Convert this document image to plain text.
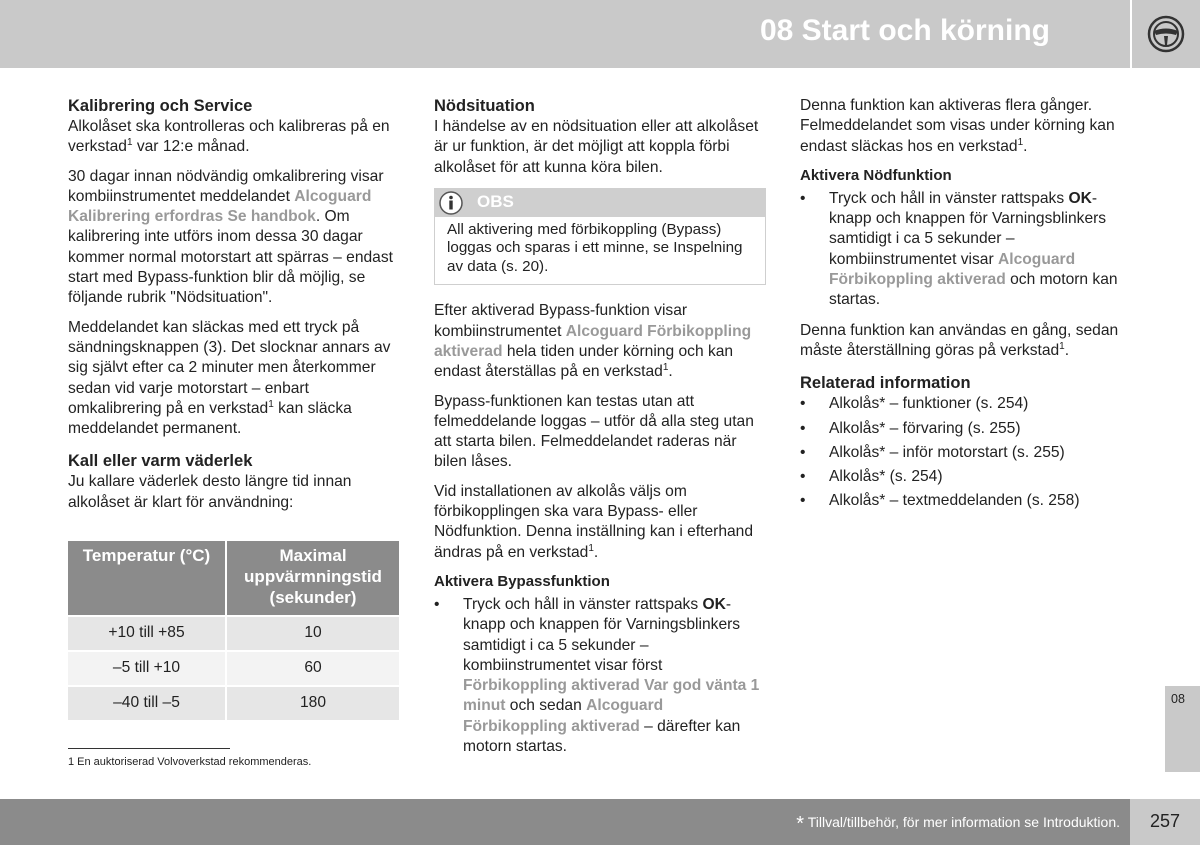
08 Start och körning
Kalibrering och Service

Alkolåset ska kontrolleras och kalibreras på en verkstad$^1$ var 12:e månad.

30 dagar innan nödvändig omkalibrering visar kombiinstrumentet meddelandet Alcoguard Kalibrering erfordras Se handbok. Om kalibrering inte utförs inom dessa 30 dagar kommer normal motorstart att spärras – endast start med Bypass-funktion blir då möjlig, se följande rubrik "Nödsituation".

Meddelandet kan släckas med ett tryck på sändningsknappen (3). Det slocknar annars av sig självt efter ca 2 minuter men återkommer sedan vid varje motorstart – enbart omkalibrering på en verkstad$^1$ kan släcka meddelandet permanent.

Kall eller varm väderlek

Ju kallare väderlek desto längre tid innan alkolåset är klart för användning:

Temperatur (°C)	Maximal uppvärmningstid (sekunder)
+10 till +85	10
–5 till +10	60
–40 till –5	180
Nödsituation

I händelse av en nödsituation eller att alkolåset är ur funktion, är det möjligt att koppla förbi alkolåset för att kunna köra bilen.

OBS
All aktivering med förbikoppling (Bypass) loggas och sparas i ett minne, se Inspelning av data (s. 20).

Efter aktiverad Bypass-funktion visar kombiinstrumentet Alcoguard Förbikoppling aktiverad hela tiden under körning och kan endast återställas på en verkstad$^1$.

Bypass-funktionen kan testas utan att felmeddelande loggas – utför då alla steg utan att starta bilen. Felmeddelandet raderas när bilen låses.

Vid installationen av alkolås väljs om förbikopplingen ska vara Bypass- eller Nödfunktion. Denna inställning kan i efterhand ändras på en verkstad$^1$.

Aktivera Bypassfunktion
• Tryck och håll in vänster rattspaks OK-knapp och knappen för Varningsblinkers samtidigt i ca 5 sekunder – kombiinstrumentet visar först Förbikoppling aktiverad Var god vänta 1 minut och sedan Alcoguard Förbikoppling aktiverad – därefter kan motorn startas.

Denna funktion kan aktiveras flera gånger. Felmeddelandet som visas under körning kan endast släckas hos en verkstad$^1$.

Aktivera Nödfunktion
• Tryck och håll in vänster rattspaks OK-knapp och knappen för Varningsblinkers samtidigt i ca 5 sekunder – kombiinstrumentet visar Alcoguard Förbikoppling aktiverad och motorn kan startas.

Denna funktion kan användas en gång, sedan måste återställning göras på verkstad$^1$.

Relaterad information
• Alkolås* – funktioner (s. 254)
• Alkolås* – förvaring (s. 255)
• Alkolås* – inför motorstart (s. 255)
• Alkolås* (s. 254)
• Alkolås* – textmeddelanden (s. 258)
1 En auktoriserad Volvoverkstad rekommenderas.
08
* Tillval/tillbehör, för mer information se Introduktion. 257
